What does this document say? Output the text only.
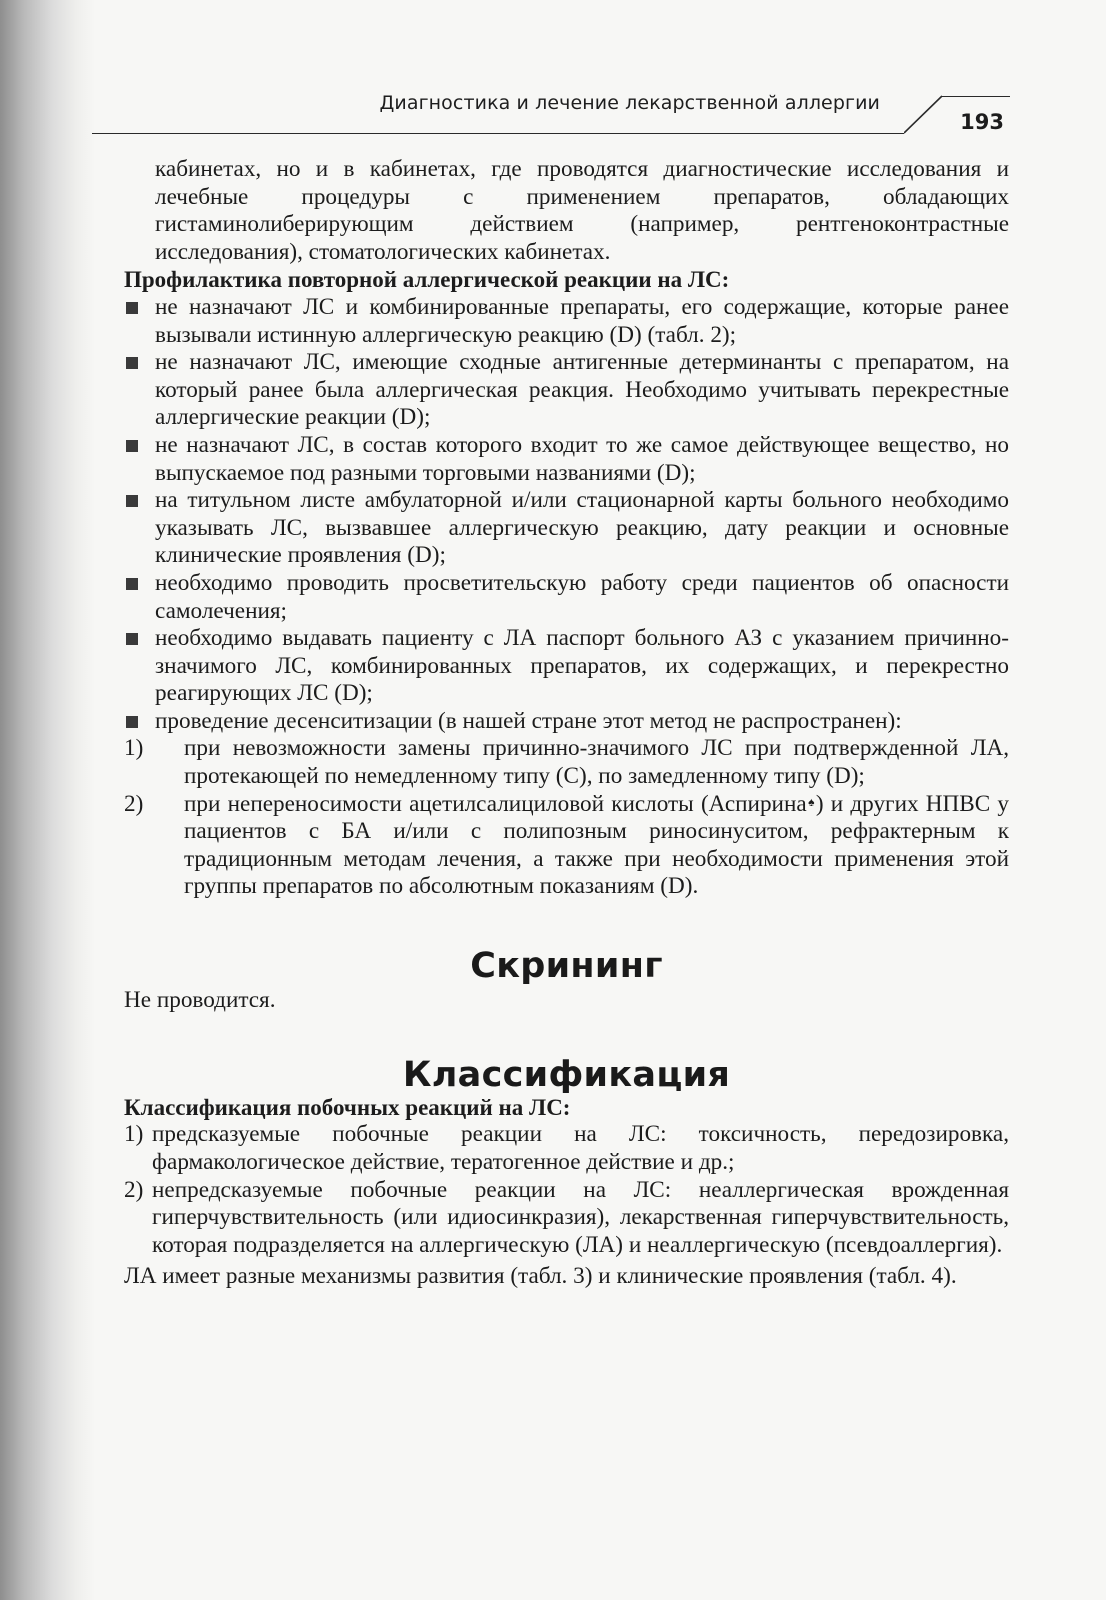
Диагностика и лечение лекарственной аллергии
193

кабинетах, но и в кабинетах, где проводятся диагностические исследования и лечебные процедуры с применением препаратов, обладающих гистаминолиберирующим действием (например, рентгеноконтрастные исследования), стоматологических кабинетах.

Профилактика повторной аллергической реакции на ЛС:

не назначают ЛС и комбинированные препараты, его содержащие, которые ранее вызывали истинную аллергическую реакцию (D) (табл. 2);
не назначают ЛС, имеющие сходные антигенные детерминанты с препаратом, на который ранее была аллергическая реакция. Необходимо учитывать перекрестные аллергические реакции (D);
не назначают ЛС, в состав которого входит то же самое действующее вещество, но выпускаемое под разными торговыми названиями (D);
на титульном листе амбулаторной и/или стационарной карты больного необходимо указывать ЛС, вызвавшее аллергическую реакцию, дату реакции и основные клинические проявления (D);
необходимо проводить просветительскую работу среди пациентов об опасности самолечения;
необходимо выдавать пациенту с ЛА паспорт больного АЗ с указанием причинно-значимого ЛС, комбинированных препаратов, их содержащих, и перекрестно реагирующих ЛС (D);
проведение десенситизации (в нашей стране этот метод не распространен):
1) при невозможности замены причинно-значимого ЛС при подтвержденной ЛА, протекающей по немедленному типу (С), по замедленному типу (D);
2) при непереносимости ацетилсалициловой кислоты (Аспирина♠) и других НПВС у пациентов с БА и/или с полипозным риносинуситом, рефрактерным к традиционным методам лечения, а также при необходимости применения этой группы препаратов по абсолютным показаниям (D).
Скрининг

Не проводится.

Классификация

Классификация побочных реакций на ЛС:

1) предсказуемые побочные реакции на ЛС: токсичность, передозировка, фармакологическое действие, тератогенное действие и др.;
2) непредсказуемые побочные реакции на ЛС: неаллергическая врожденная гиперчувствительность (или идиосинкразия), лекарственная гиперчувствительность, которая подразделяется на аллергическую (ЛА) и неаллергическую (псевдоаллергия).

ЛА имеет разные механизмы развития (табл. 3) и клинические проявления (табл. 4).
